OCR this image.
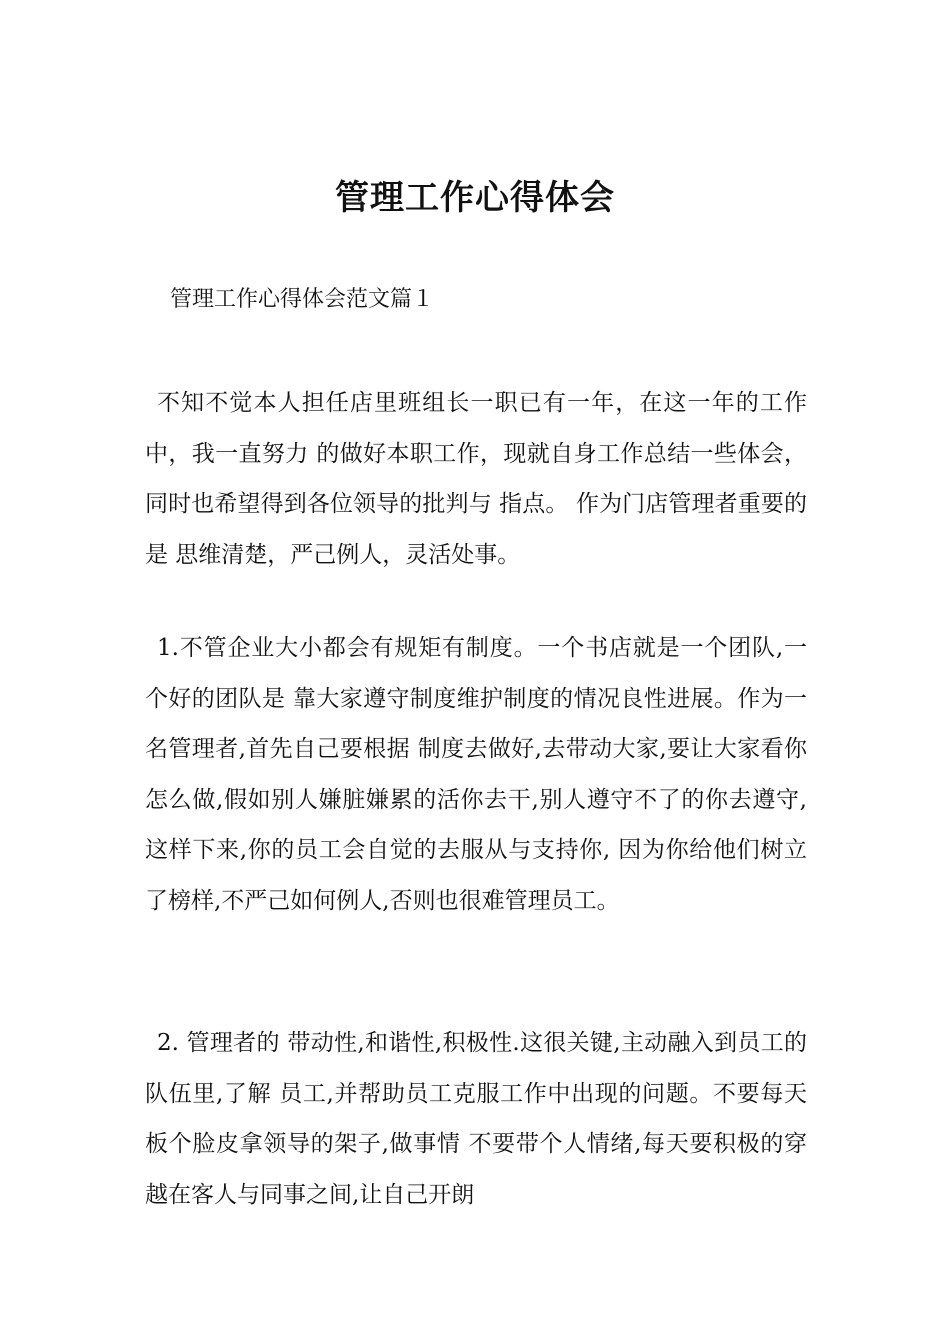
管理工作心得体会
管理工作心得体会范文篇１

不知不觉本人担任店里班组长一职已有一年，在这一年的工作中，我一直努力 的做好本职工作，现就自身工作总结一些体会，同时也希望得到各位领导的批判与 指点。 作为门店管理者重要的是 思维清楚，严己例人，灵活处事。

1.不管企业大小都会有规矩有制度。一个书店就是一个团队,一个好的团队是 靠大家遵守制度维护制度的情况良性进展。作为一名管理者,首先自己要根据 制度去做好,去带动大家,要让大家看你怎么做,假如别人嫌脏嫌累的活你去干,别人遵守不了的你去遵守,这样下来,你的员工会自觉的去服从与支持你, 因为你给他们树立了榜样,不严己如何例人,否则也很难管理员工。

2. 管理者的 带动性,和谐性,积极性.这很关键,主动融入到员工的队伍里,了解 员工,并帮助员工克服工作中出现的问题。不要每天板个脸皮拿领导的架子,做事情 不要带个人情绪,每天要积极的穿越在客人与同事之间,让自己开朗
